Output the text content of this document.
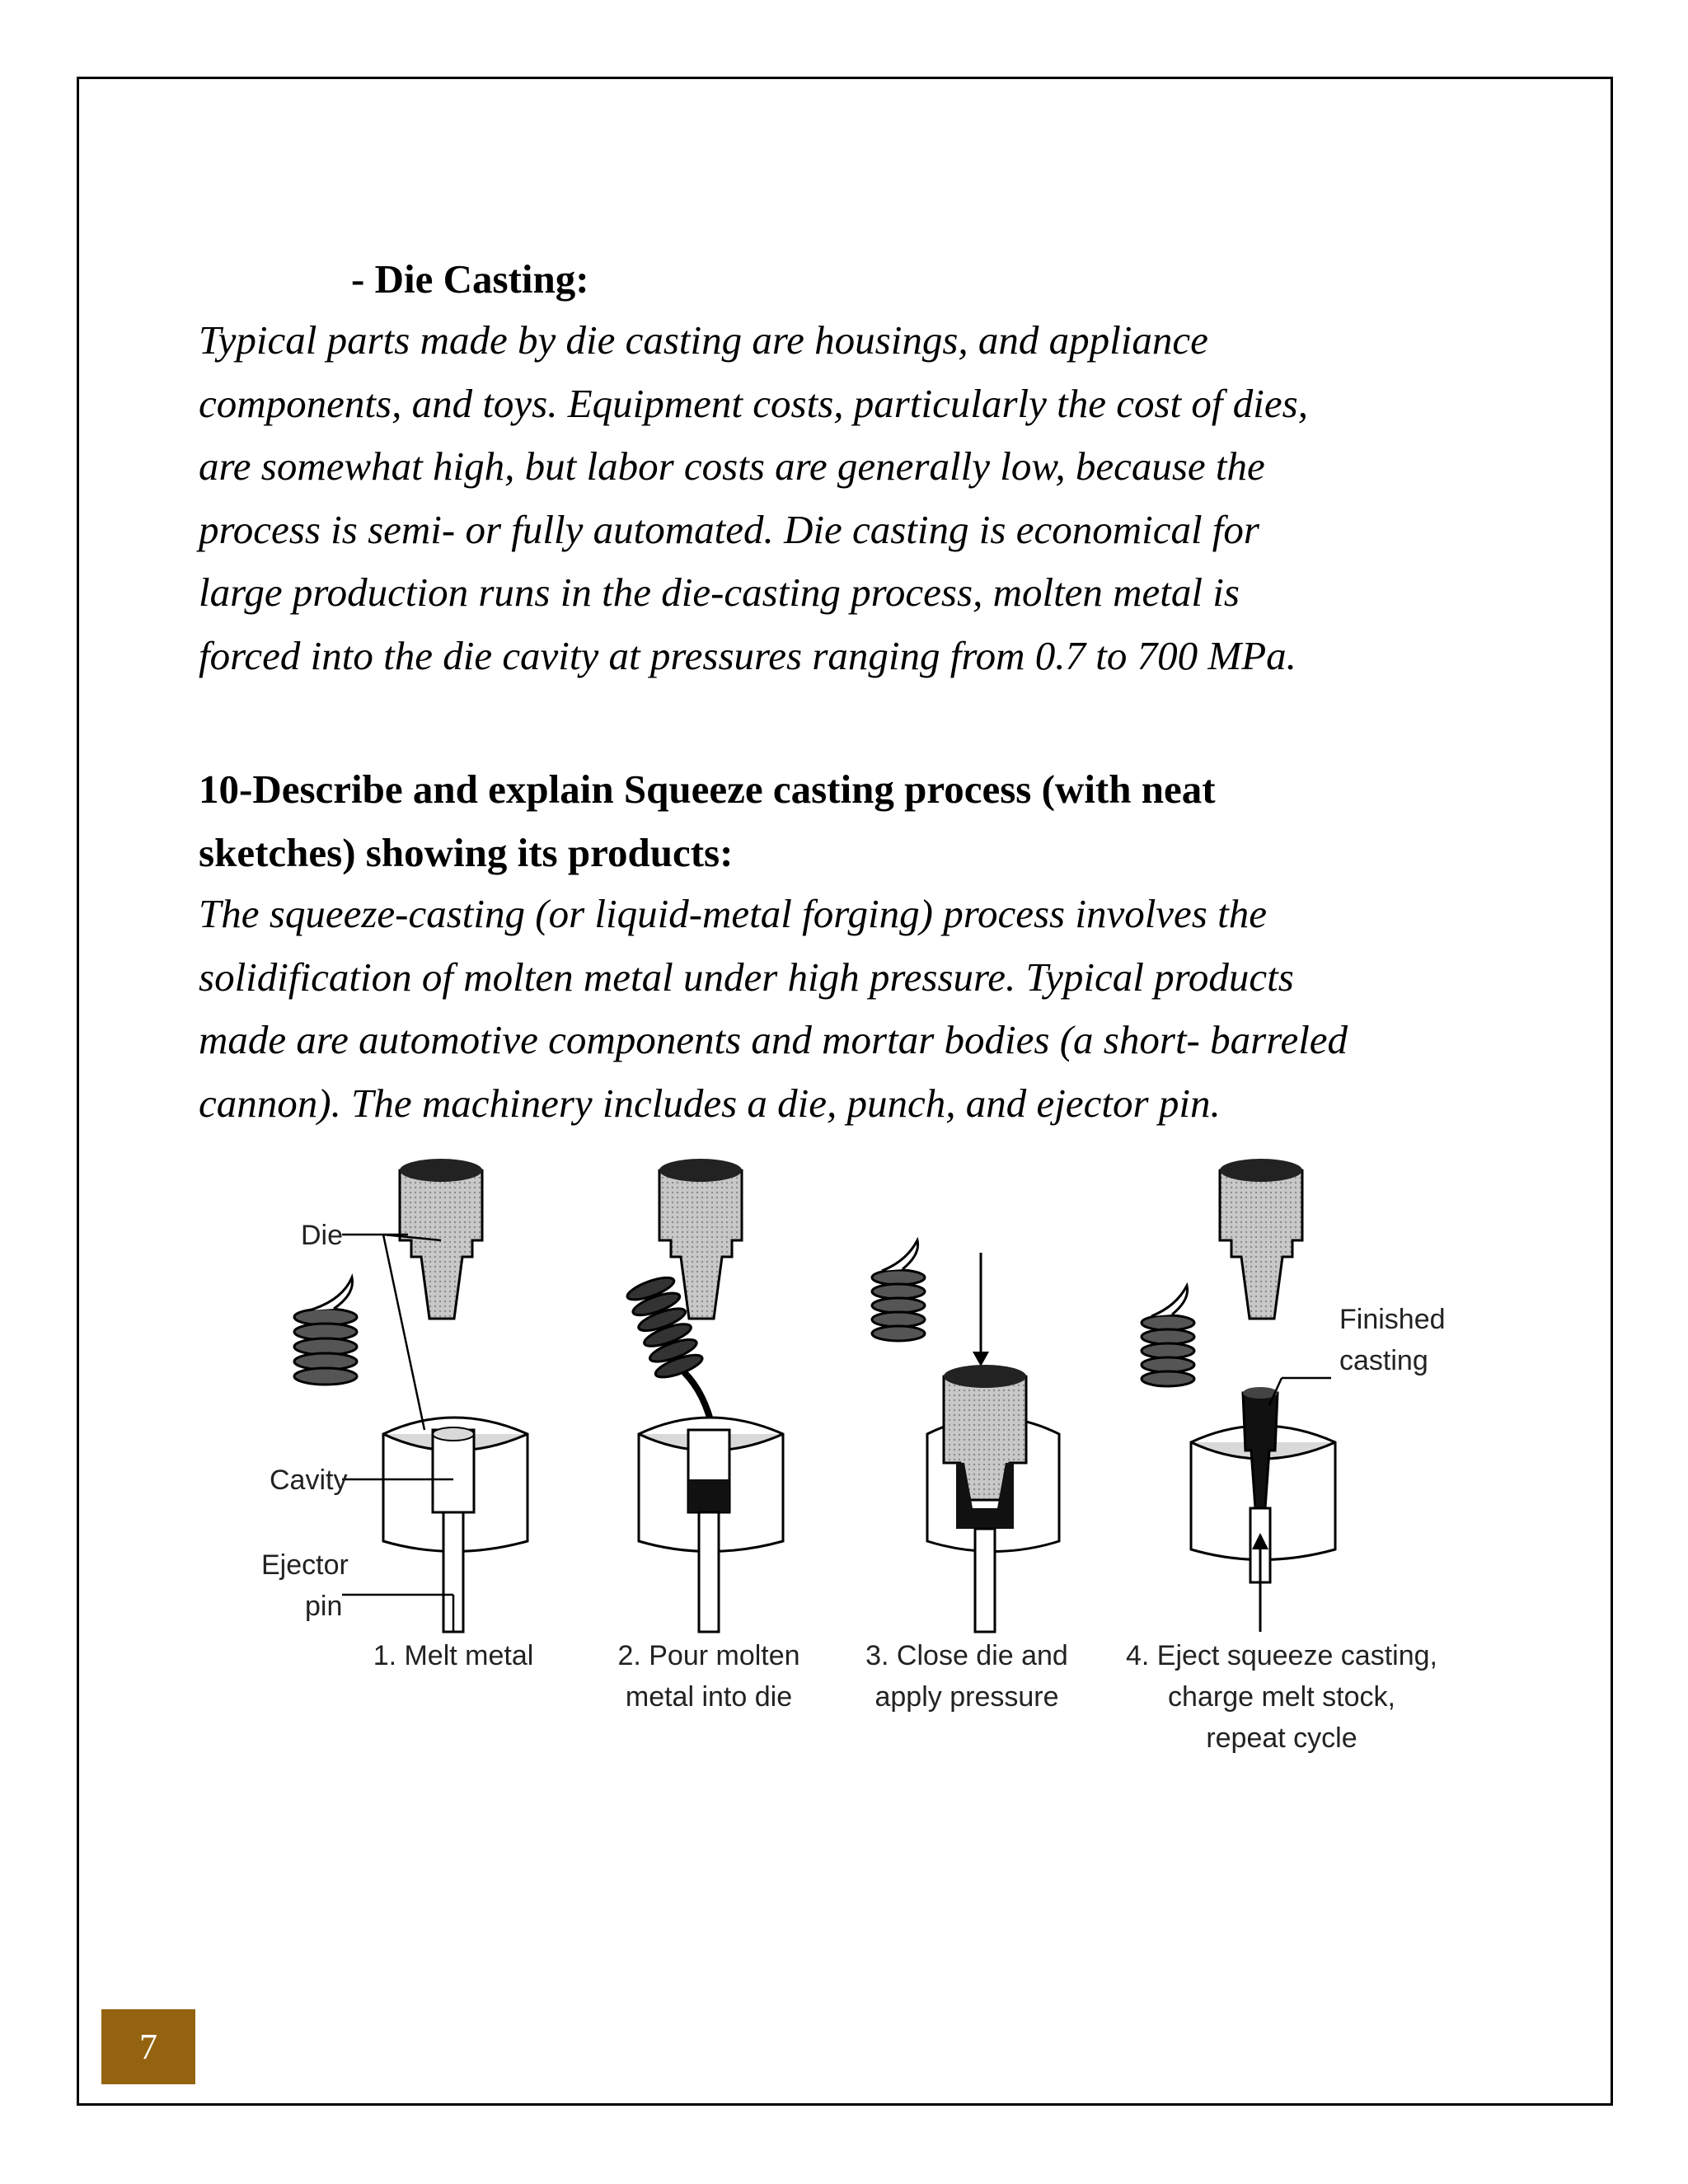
- Die Casting:
Typical parts made by die casting are housings, and appliance
components, and toys. Equipment costs, particularly the cost of dies,
are somewhat high, but labor costs are generally low, because the
process is semi- or fully automated. Die casting is economical for
large production runs in the die-casting process, molten metal is
forced into the die cavity at pressures ranging from 0.7 to 700 MPa.
10-Describe and explain Squeeze casting process (with neat
sketches) showing its products:
The squeeze-casting (or liquid-metal forging) process involves the
solidification of molten metal under high pressure. Typical products
made are automotive components and mortar bodies (a short- barreled
cannon). The machinery includes a die, punch, and ejector pin.
Die
Cavity
Ejector
pin
Finished
casting
1. Melt metal	2. Pour molten
metal into die
3. Close die and
apply pressure
4. Eject squeeze casting,
charge melt stock,
repeat cycle
7
